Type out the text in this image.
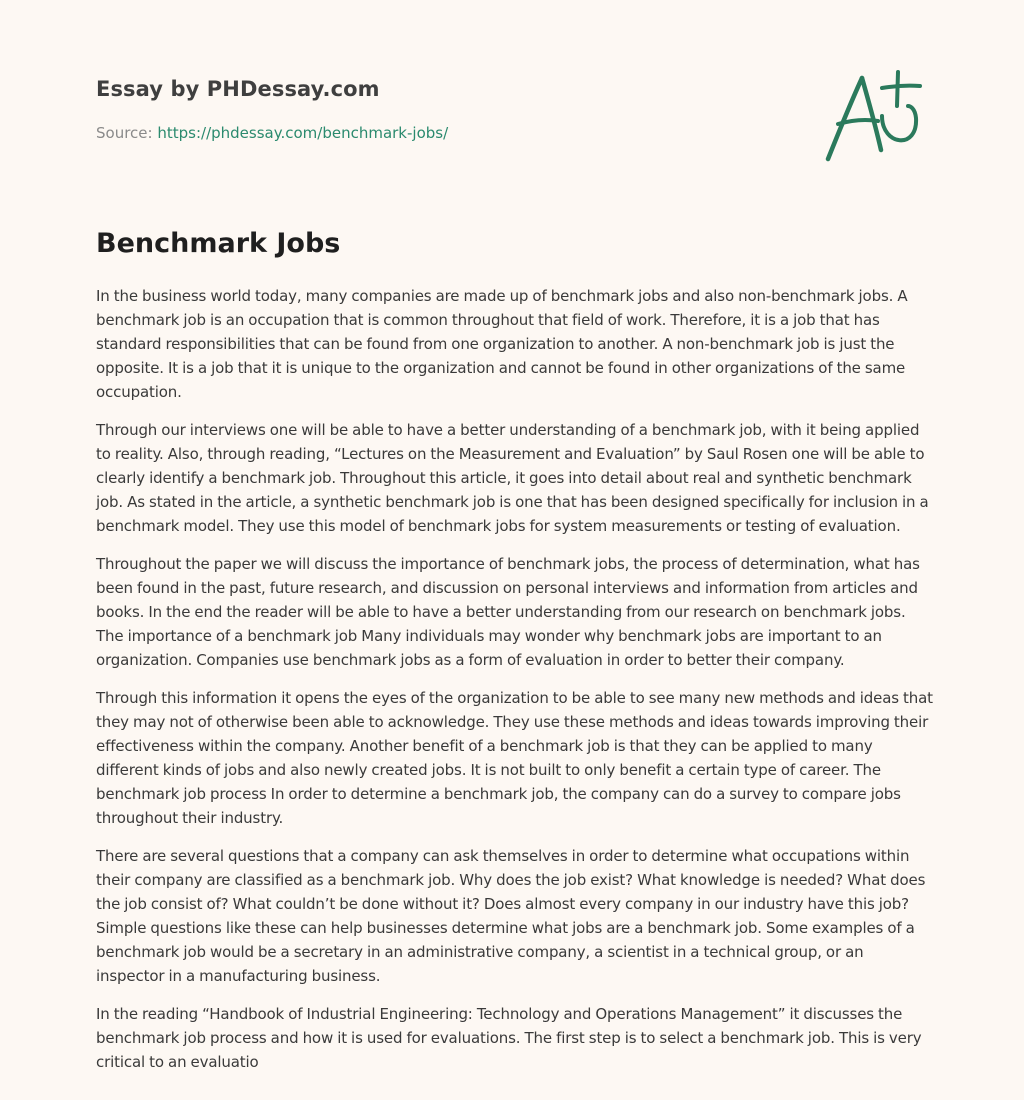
Essay by PHDessay.com
Source: https://phdessay.com/benchmark-jobs/
Benchmark Jobs

In the business world today, many companies are made up of benchmark jobs and also non-benchmark jobs. A benchmark job is an occupation that is common throughout that field of work. Therefore, it is a job that has standard responsibilities that can be found from one organization to another. A non-benchmark job is just the opposite. It is a job that it is unique to the organization and cannot be found in other organizations of the same occupation.

Through our interviews one will be able to have a better understanding of a benchmark job, with it being applied to reality. Also, through reading, “Lectures on the Measurement and Evaluation” by Saul Rosen one will be able to clearly identify a benchmark job. Throughout this article, it goes into detail about real and synthetic benchmark job. As stated in the article, a synthetic benchmark job is one that has been designed specifically for inclusion in a benchmark model. They use this model of benchmark jobs for system measurements or testing of evaluation.

Throughout the paper we will discuss the importance of benchmark jobs, the process of determination, what has been found in the past, future research, and discussion on personal interviews and information from articles and books. In the end the reader will be able to have a better understanding from our research on benchmark jobs. The importance of a benchmark job Many individuals may wonder why benchmark jobs are important to an organization. Companies use benchmark jobs as a form of evaluation in order to better their company.

Through this information it opens the eyes of the organization to be able to see many new methods and ideas that they may not of otherwise been able to acknowledge. They use these methods and ideas towards improving their effectiveness within the company. Another benefit of a benchmark job is that they can be applied to many different kinds of jobs and also newly created jobs. It is not built to only benefit a certain type of career. The benchmark job process In order to determine a benchmark job, the company can do a survey to compare jobs throughout their industry.

There are several questions that a company can ask themselves in order to determine what occupations within their company are classified as a benchmark job. Why does the job exist? What knowledge is needed? What does the job consist of? What couldn’t be done without it? Does almost every company in our industry have this job? Simple questions like these can help businesses determine what jobs are a benchmark job. Some examples of a benchmark job would be a secretary in an administrative company, a scientist in a technical group, or an inspector in a manufacturing business.

In the reading “Handbook of Industrial Engineering: Technology and Operations Management” it discusses the benchmark job process and how it is used for evaluations. The first step is to select a benchmark job. This is very critical to an evaluatio
